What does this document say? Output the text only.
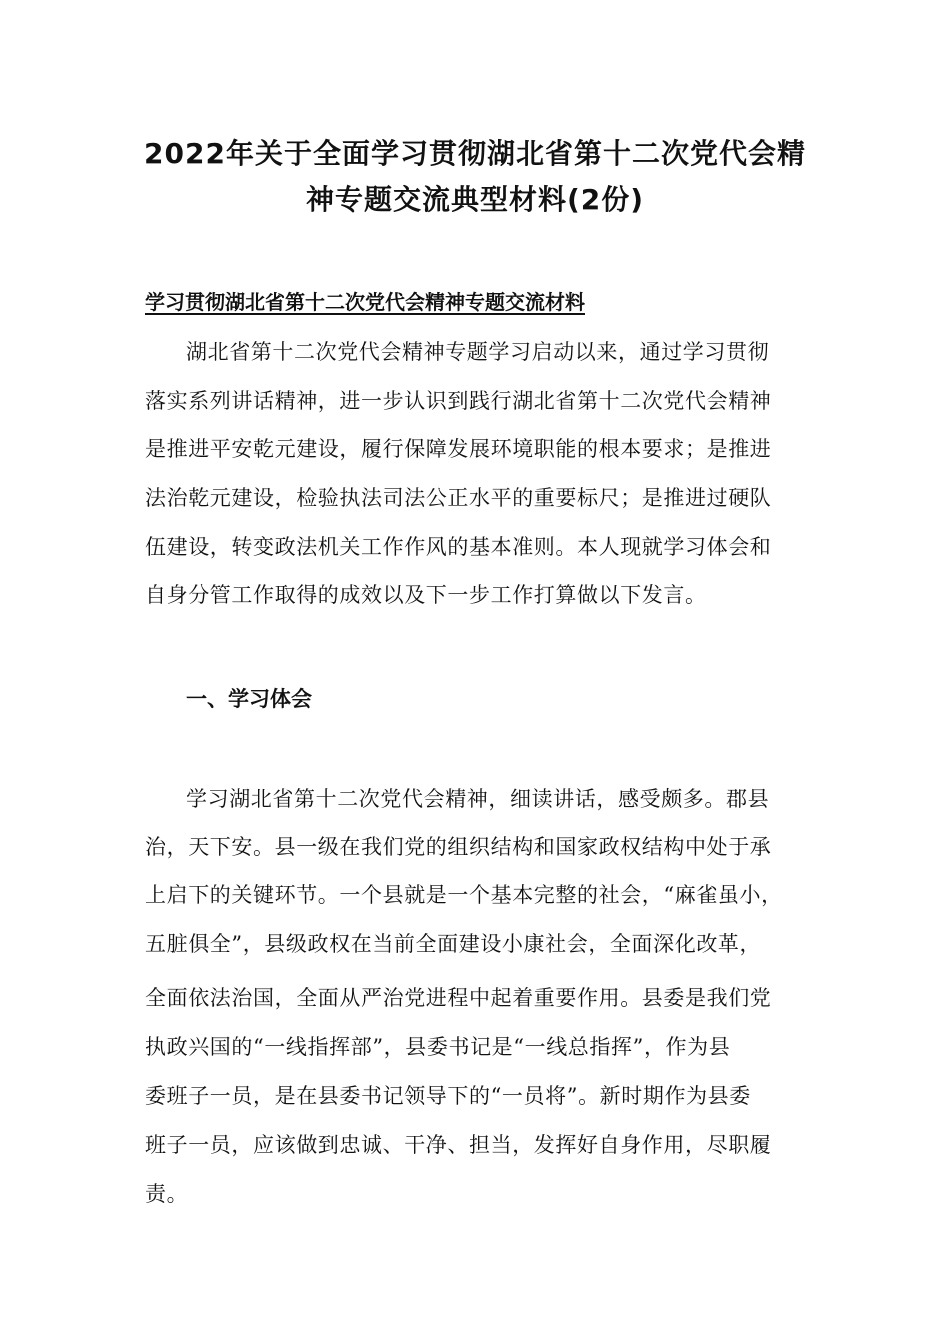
2022年关于全面学习贯彻湖北省第十二次党代会精
神专题交流典型材料(2份)
学习贯彻湖北省第十二次党代会精神专题交流材料
湖北省第十二次党代会精神专题学习启动以来，通过学习贯彻
落实系列讲话精神，进一步认识到践行湖北省第十二次党代会精神
是推进平安乾元建设，履行保障发展环境职能的根本要求；是推进
法治乾元建设，检验执法司法公正水平的重要标尺；是推进过硬队
伍建设，转变政法机关工作作风的基本准则。本人现就学习体会和
自身分管工作取得的成效以及下一步工作打算做以下发言。
一、学习体会
学习湖北省第十二次党代会精神，细读讲话，感受颇多。郡县
治，天下安。县一级在我们党的组织结构和国家政权结构中处于承
上启下的关键环节。一个县就是一个基本完整的社会，“麻雀虽小，
五脏俱全”，县级政权在当前全面建设小康社会，全面深化改革，
全面依法治国，全面从严治党进程中起着重要作用。县委是我们党
执政兴国的“一线指挥部”，县委书记是“一线总指挥”，作为县
委班子一员，是在县委书记领导下的“一员将”。新时期作为县委
班子一员，应该做到忠诚、干净、担当，发挥好自身作用，尽职履
责。
